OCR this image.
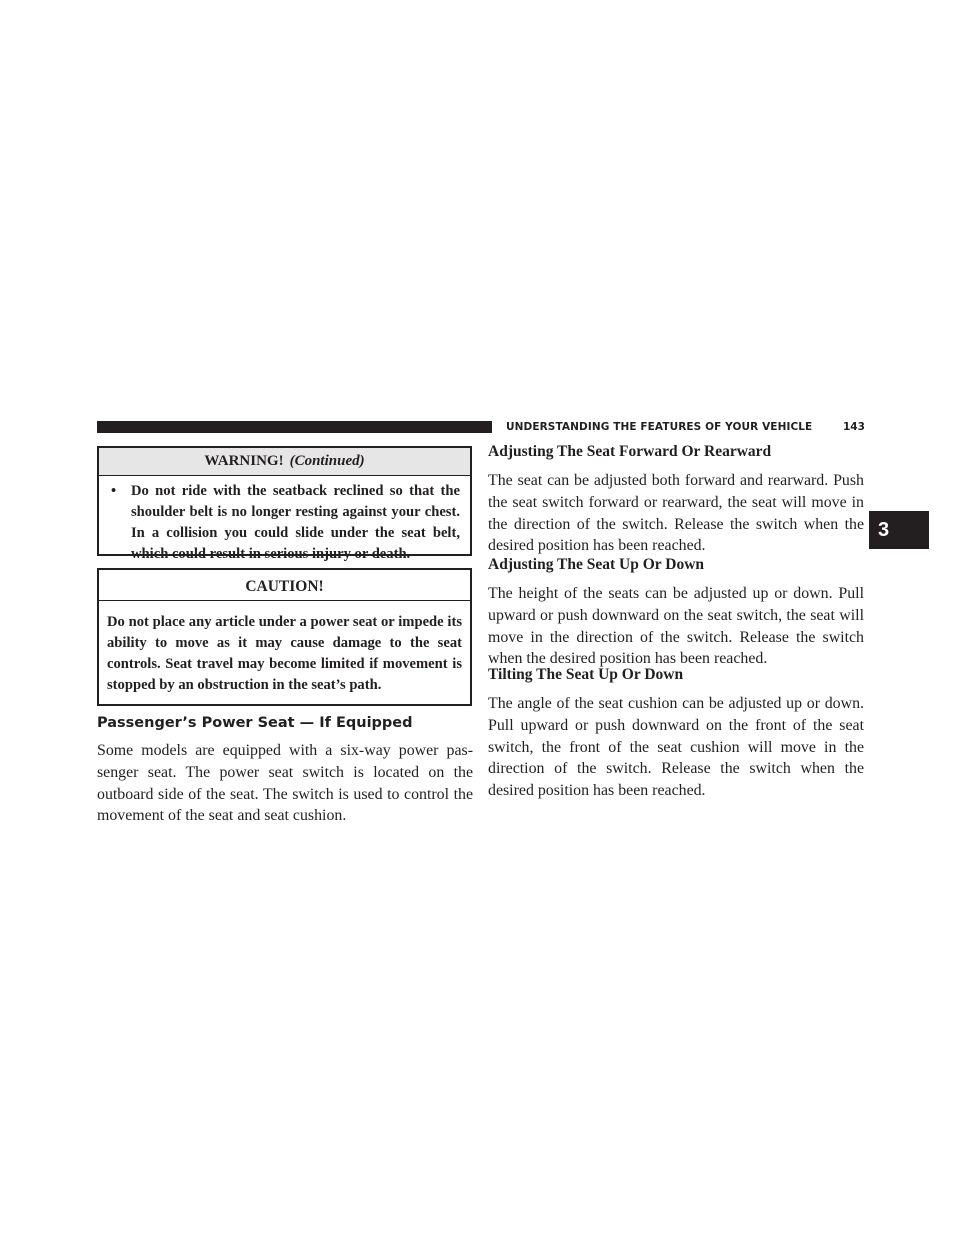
UNDERSTANDING THE FEATURES OF YOUR VEHICLE	143
3
WARNING! (Continued)
• Do not ride with the seatback reclined so that the shoulder belt is no longer resting against your chest. In a collision you could slide under the seat belt, which could result in serious injury or death.
CAUTION!
Do not place any article under a power seat or impede its ability to move as it may cause damage to the seat controls. Seat travel may become limited if movement is stopped by an obstruction in the seat’s path.
Passenger’s Power Seat — If Equipped
Some models are equipped with a six-way power pas-senger seat. The power seat switch is located on the outboard side of the seat. The switch is used to control the movement of the seat and seat cushion.
Adjusting The Seat Forward Or Rearward
The seat can be adjusted both forward and rearward. Push the seat switch forward or rearward, the seat will move in the direction of the switch. Release the switch when the desired position has been reached.
Adjusting The Seat Up Or Down
The height of the seats can be adjusted up or down. Pull upward or push downward on the seat switch, the seat will move in the direction of the switch. Release the switch when the desired position has been reached.
Tilting The Seat Up Or Down
The angle of the seat cushion can be adjusted up or down. Pull upward or push downward on the front of the seat switch, the front of the seat cushion will move in the direction of the switch. Release the switch when the desired position has been reached.
